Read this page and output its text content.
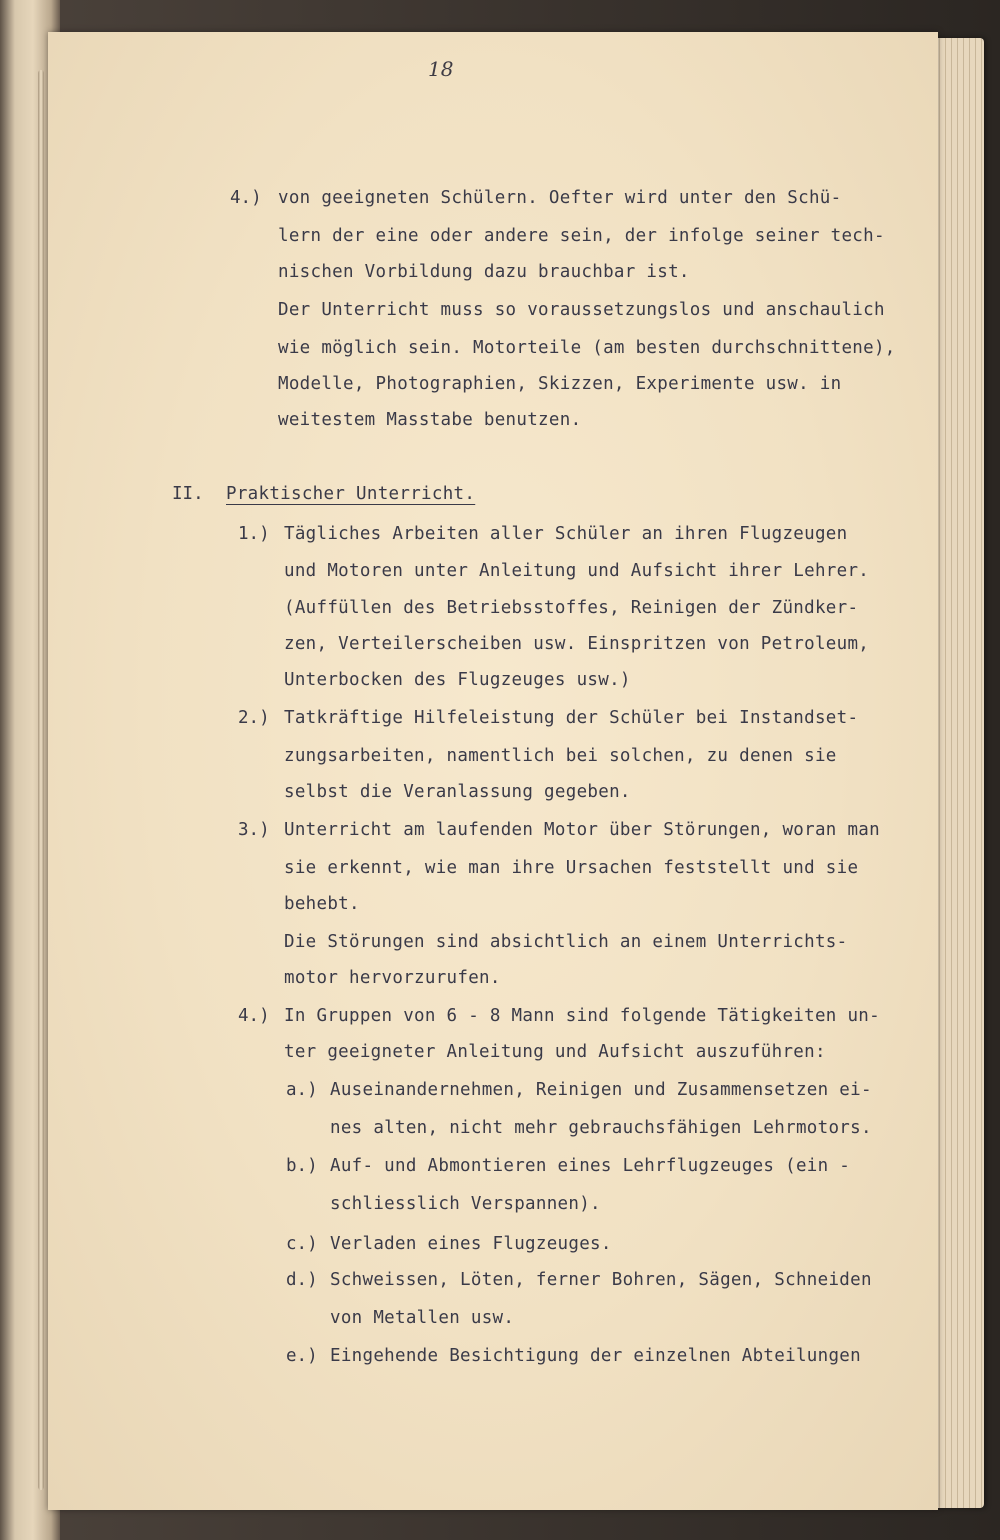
18
4.) von geeigneten Schülern. Oefter wird unter den Schü-
lern der eine oder andere sein, der infolge seiner tech-
nischen Vorbildung dazu brauchbar ist.
Der Unterricht muss so voraussetzungslos und anschaulich
wie möglich sein. Motorteile (am besten durchschnittene),
Modelle, Photographien, Skizzen, Experimente usw. in
weitestem Masstabe benutzen.
II. Praktischer Unterricht.
1.) Tägliches Arbeiten aller Schüler an ihren Flugzeugen
und Motoren unter Anleitung und Aufsicht ihrer Lehrer.
(Auffüllen des Betriebsstoffes, Reinigen der Zündker-
zen, Verteilerscheiben usw. Einspritzen von Petroleum,
Unterbocken des Flugzeuges usw.)
2.) Tatkräftige Hilfeleistung der Schüler bei Instandset-
zungsarbeiten, namentlich bei solchen, zu denen sie
selbst die Veranlassung gegeben.
3.) Unterricht am laufenden Motor über Störungen, woran man
sie erkennt, wie man ihre Ursachen feststellt und sie
behebt.
Die Störungen sind absichtlich an einem Unterrichts-
motor hervorzurufen.
4.) In Gruppen von 6 - 8 Mann sind folgende Tätigkeiten un-
ter geeigneter Anleitung und Aufsicht auszuführen:
a.) Auseinandernehmen, Reinigen und Zusammensetzen ei-
nes alten, nicht mehr gebrauchsfähigen Lehrmotors.
b.) Auf- und Abmontieren eines Lehrflugzeuges (ein -
schliesslich Verspannen).
c.) Verladen eines Flugzeuges.
d.) Schweissen, Löten, ferner Bohren, Sägen, Schneiden
von Metallen usw.
e.) Eingehende Besichtigung der einzelnen Abteilungen
